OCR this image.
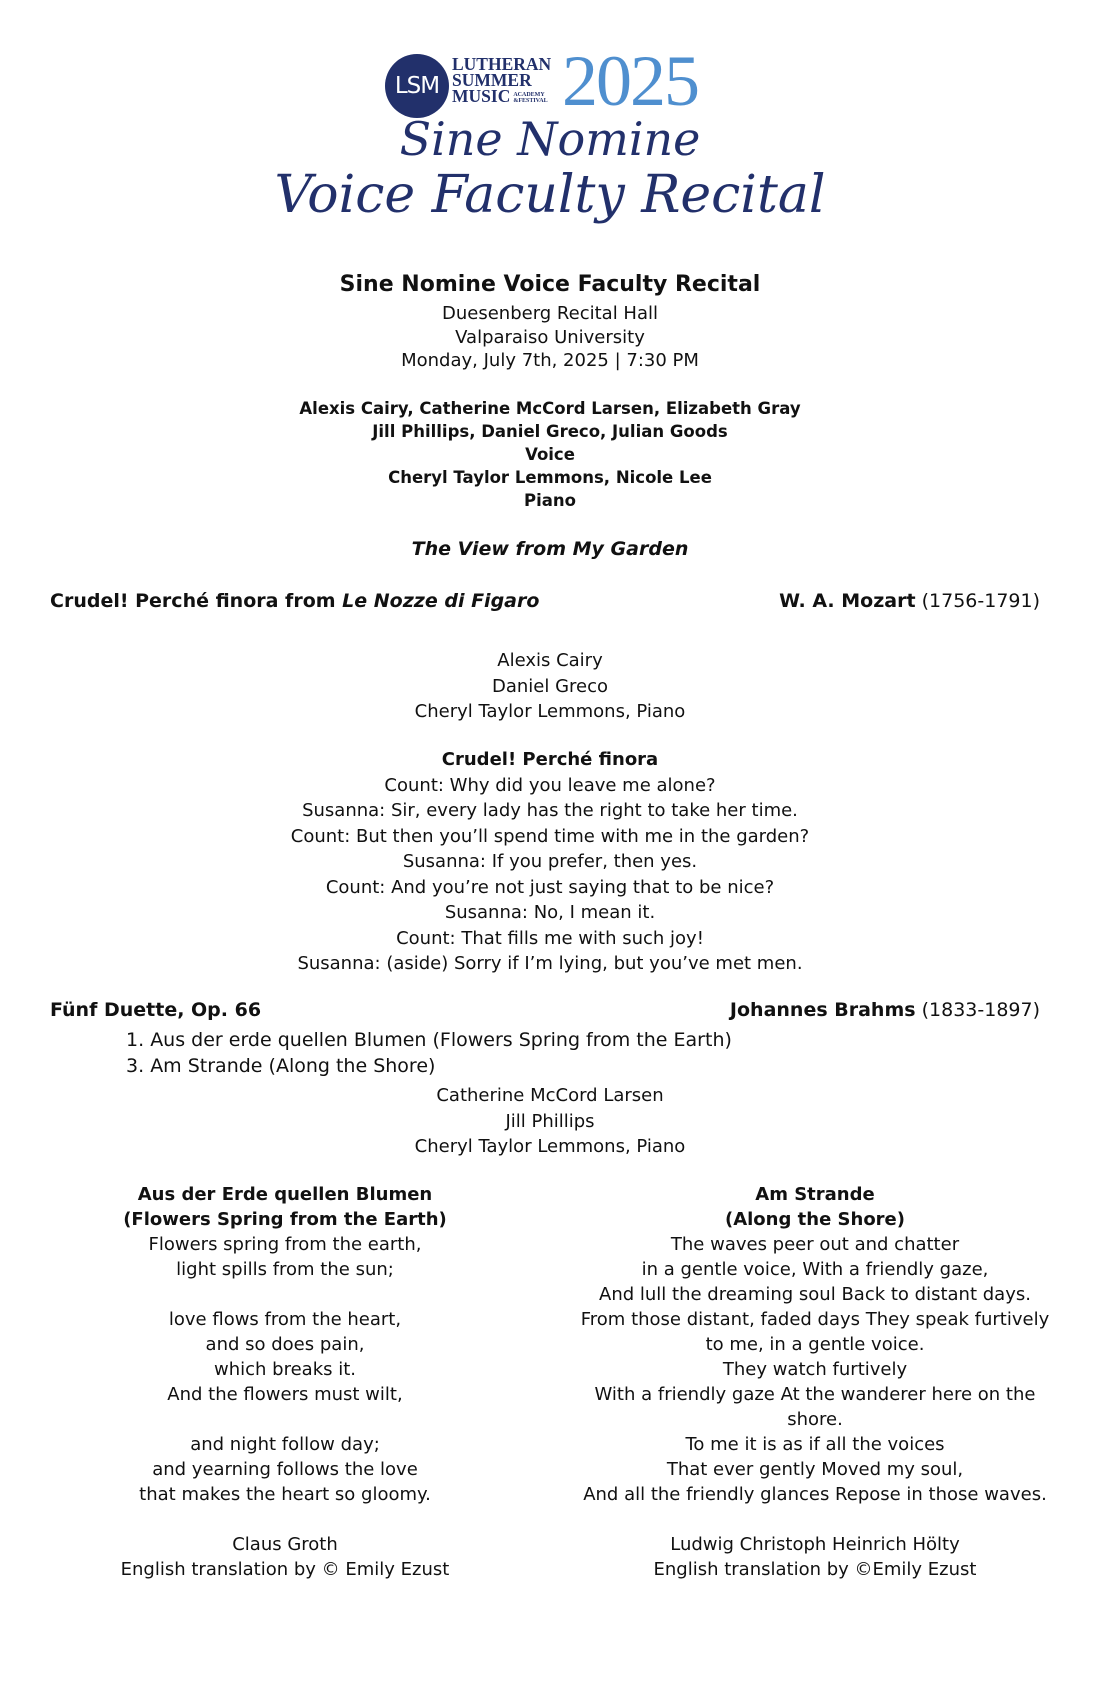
LSM
LUTHERAN
SUMMER
MUSIC ACADEMY
&FESTIVAL 2025
Sine Nomine
Voice Faculty Recital
Sine Nomine Voice Faculty Recital
Duesenberg Recital Hall
Valparaiso University
Monday, July 7th, 2025 | 7:30 PM
Alexis Cairy, Catherine McCord Larsen, Elizabeth Gray
Jill Phillips, Daniel Greco, Julian Goods
Voice
Cheryl Taylor Lemmons, Nicole Lee
Piano
The View from My Garden
Crudel! Perché finora from Le Nozze di Figaro	W. A. Mozart (1756-1791)
Alexis Cairy
Daniel Greco
Cheryl Taylor Lemmons, Piano
Crudel! Perché finora
Count: Why did you leave me alone?
Susanna: Sir, every lady has the right to take her time.
Count: But then you’ll spend time with me in the garden?
Susanna: If you prefer, then yes.
Count: And you’re not just saying that to be nice?
Susanna: No, I mean it.
Count: That fills me with such joy!
Susanna: (aside) Sorry if I’m lying, but you’ve met men.
Fünf Duette, Op. 66	Johannes Brahms (1833-1897)
1. Aus der erde quellen Blumen (Flowers Spring from the Earth)
3. Am Strande (Along the Shore)
Catherine McCord Larsen
Jill Phillips
Cheryl Taylor Lemmons, Piano
Aus der Erde quellen Blumen
(Flowers Spring from the Earth)
Flowers spring from the earth,
light spills from the sun;
love flows from the heart,
and so does pain,
which breaks it.
And the flowers must wilt,
and night follow day;
and yearning follows the love
that makes the heart so gloomy.
Claus Groth
English translation by © Emily Ezust
Am Strande
(Along the Shore)
The waves peer out and chatter
in a gentle voice, With a friendly gaze,
And lull the dreaming soul Back to distant days.
From those distant, faded days They speak furtively
to me, in a gentle voice.
They watch furtively
With a friendly gaze At the wanderer here on the
shore.
To me it is as if all the voices
That ever gently Moved my soul,
And all the friendly glances Repose in those waves.
Ludwig Christoph Heinrich Hölty
English translation by ©Emily Ezust
